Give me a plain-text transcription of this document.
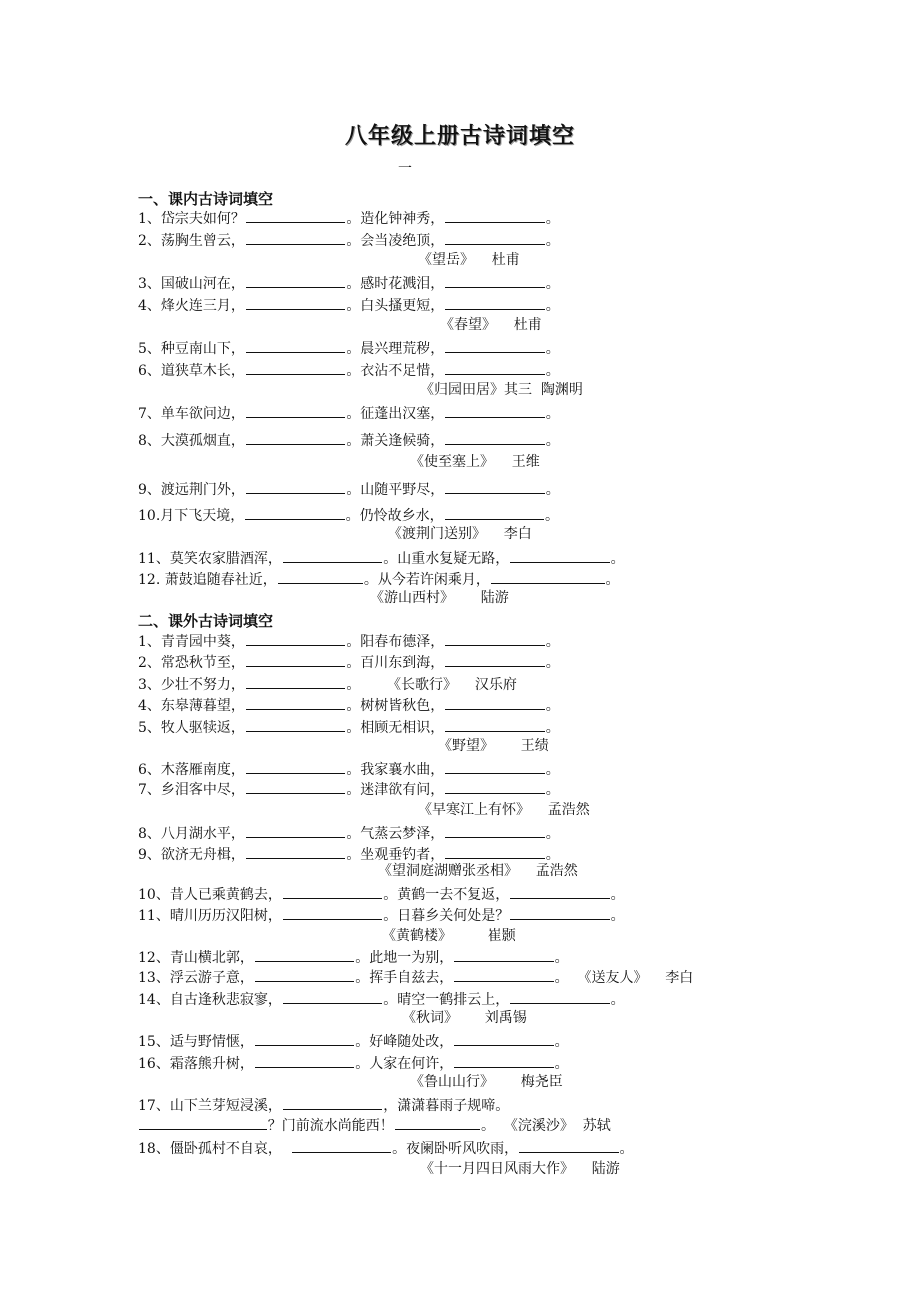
八年级上册古诗词填空
一
一、课内古诗词填空
1、岱宗夫如何？	。造化钟神秀，	。
2、荡胸生曾云，	。会当凌绝顶，	。
《望岳》    杜甫
3、国破山河在，	。感时花溅泪，	。
4、烽火连三月，	。白头搔更短，	。
《春望》    杜甫
5、种豆南山下，	。晨兴理荒秽，	。
6、道狭草木长，	。衣沾不足惜，	。
《归园田居》其三  陶渊明
7、单车欲问边，	。征蓬出汉塞，	。
8、大漠孤烟直，	。萧关逢候骑，	。
《使至塞上》    王维
9、渡远荆门外，	。山随平野尽，	。
10.月下飞天境，	。仍怜故乡水，	。
《渡荆门送别》    李白
11、莫笑农家腊酒浑，	。山重水复疑无路，	。
12. 萧鼓追随春社近，	。从今若许闲乘月，	。
《游山西村》      陆游
二、课外古诗词填空
1、青青园中葵，	。阳春布德泽，	。
2、常恐秋节至，	。百川东到海，	。
3、少壮不努力，	。      《长歌行》    汉乐府
4、东皋薄暮望，	。树树皆秋色，	。
5、牧人驱犊返，	。相顾无相识，	。
《野望》      王绩
6、木落雁南度，	。我家襄水曲，	。
7、乡泪客中尽，	。迷津欲有问，	。
《早寒江上有怀》    孟浩然
8、八月湖水平，	。气蒸云梦泽，	。
9、欲济无舟楫，	。坐观垂钓者，	。
《望洞庭湖赠张丞相》    孟浩然
10、昔人已乘黄鹤去，	。黄鹤一去不复返，	。
11、晴川历历汉阳树，	。日暮乡关何处是？	。
《黄鹤楼》        崔颢
12、青山横北郭，	。此地一为别，	。
13、浮云游子意，	。挥手自兹去，	。  《送友人》    李白
14、自古逢秋悲寂寥，	。晴空一鹤排云上，	。
《秋词》      刘禹锡
15、适与野情惬，	。好峰随处改，	。
16、霜落熊升树，	。人家在何许，	。
《鲁山山行》      梅尧臣
17、山下兰芽短浸溪，	，潇潇暮雨子规啼。
？门前流水尚能西！	。  《浣溪沙》  苏轼
18、僵卧孤村不自哀，	。夜阑卧听风吹雨，	。
《十一月四日风雨大作》    陆游
